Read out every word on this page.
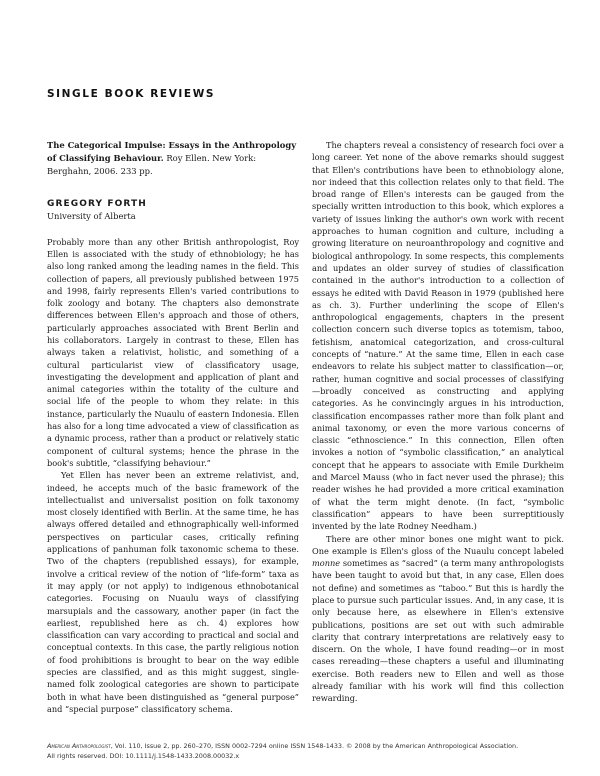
SINGLE BOOK REVIEWS

The Categorical Impulse: Essays in the Anthropology of Classifying Behaviour. Roy Ellen. New York: Berghahn, 2006. 233 pp.

GREGORY FORTH

University of Alberta

Probably more than any other British anthropologist, Roy Ellen is associated with the study of ethnobiology; he has also long ranked among the leading names in the field. This collection of papers, all previously published between 1975 and 1998, fairly represents Ellen's varied contributions to folk zoology and botany. The chapters also demonstrate differences between Ellen's approach and those of others, particularly approaches associated with Brent Berlin and his collaborators. Largely in contrast to these, Ellen has always taken a relativist, holistic, and something of a cultural particularist view of classificatory usage, investigating the development and application of plant and animal categories within the totality of the culture and social life of the people to whom they relate: in this instance, particularly the Nuaulu of eastern Indonesia. Ellen has also for a long time advocated a view of classification as a dynamic process, rather than a product or relatively static component of cultural systems; hence the phrase in the book's subtitle, “classifying behaviour.”

Yet Ellen has never been an extreme relativist, and, indeed, he accepts much of the basic framework of the intellectualist and universalist position on folk taxonomy most closely identified with Berlin. At the same time, he has always offered detailed and ethnographically well-informed perspectives on particular cases, critically refining applications of panhuman folk taxonomic schema to these. Two of the chapters (republished essays), for example, involve a critical review of the notion of “life-form” taxa as it may apply (or not apply) to indigenous ethnobotanical categories. Focusing on Nuaulu ways of classifying marsupials and the cassowary, another paper (in fact the earliest, republished here as ch. 4) explores how classification can vary according to practical and social and conceptual contexts. In this case, the partly religious notion of food prohibitions is brought to bear on the way edible species are classified, and as this might suggest, single-named folk zoological categories are shown to participate both in what have been distinguished as “general purpose” and “special purpose” classificatory schema.

The chapters reveal a consistency of research foci over a long career. Yet none of the above remarks should suggest that Ellen's contributions have been to ethnobiology alone, nor indeed that this collection relates only to that field. The broad range of Ellen's interests can be gauged from the specially written introduction to this book, which explores a variety of issues linking the author's own work with recent approaches to human cognition and culture, including a growing literature on neuroanthropology and cognitive and biological anthropology. In some respects, this complements and updates an older survey of studies of classification contained in the author's introduction to a collection of essays he edited with David Reason in 1979 (published here as ch. 3). Further underlining the scope of Ellen's anthropological engagements, chapters in the present collection concern such diverse topics as totemism, taboo, fetishism, anatomical categorization, and cross-cultural concepts of “nature.” At the same time, Ellen in each case endeavors to relate his subject matter to classification—or, rather, human cognitive and social processes of classifying—broadly conceived as constructing and applying categories. As he convincingly argues in his introduction, classification encompasses rather more than folk plant and animal taxonomy, or even the more various concerns of classic “ethnoscience.” In this connection, Ellen often invokes a notion of “symbolic classification,” an analytical concept that he appears to associate with Emile Durkheim and Marcel Mauss (who in fact never used the phrase); this reader wishes he had provided a more critical examination of what the term might denote. (In fact, “symbolic classification” appears to have been surreptitiously invented by the late Rodney Needham.)

There are other minor bones one might want to pick. One example is Ellen's gloss of the Nuaulu concept labeled monne sometimes as “sacred” (a term many anthropologists have been taught to avoid but that, in any case, Ellen does not define) and sometimes as “taboo.” But this is hardly the place to pursue such particular issues. And, in any case, it is only because here, as elsewhere in Ellen's extensive publications, positions are set out with such admirable clarity that contrary interpretations are relatively easy to discern. On the whole, I have found reading—or in most cases rereading—these chapters a useful and illuminating exercise. Both readers new to Ellen and well as those already familiar with his work will find this collection rewarding.

American Anthropologist, Vol. 110, Issue 2, pp. 260–270, ISSN 0002-7294 online ISSN 1548-1433. © 2008 by the American Anthropological Association.
All rights reserved. DOI: 10.1111/j.1548-1433.2008.00032.x
